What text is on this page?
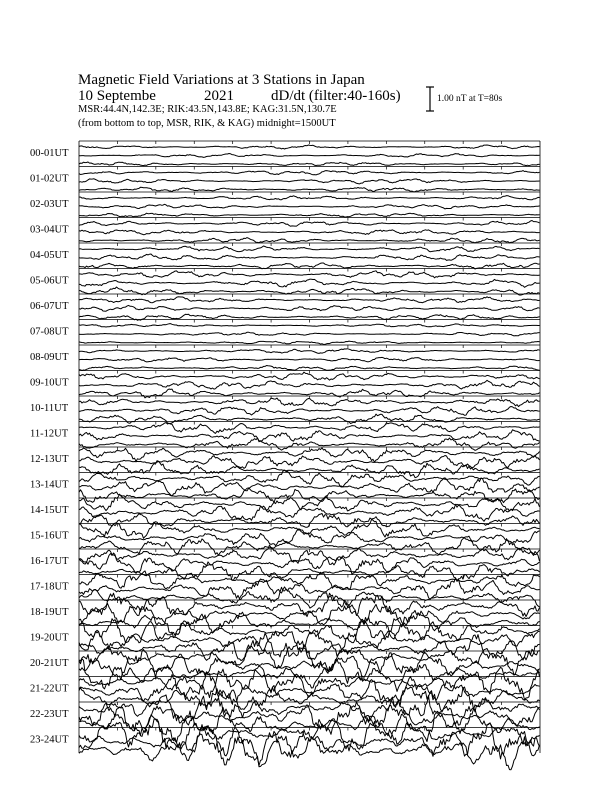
Magnetic Field Variations at 3 Stations in Japan
10 Septembe	2021 dD/dt (filter:40-160s)
MSR:44.4N,142.3E; RIK:43.5N,143.8E; KAG:31.5N,130.7E
(from bottom to top, MSR, RIK, & KAG) midnight=1500UT
1.00 nT at T=80s
00-01UT
01-02UT
02-03UT
03-04UT
04-05UT
05-06UT
06-07UT
07-08UT
08-09UT
09-10UT
10-11UT
11-12UT
12-13UT
13-14UT
14-15UT
15-16UT
16-17UT
17-18UT
18-19UT
19-20UT
20-21UT
21-22UT
22-23UT
23-24UT
